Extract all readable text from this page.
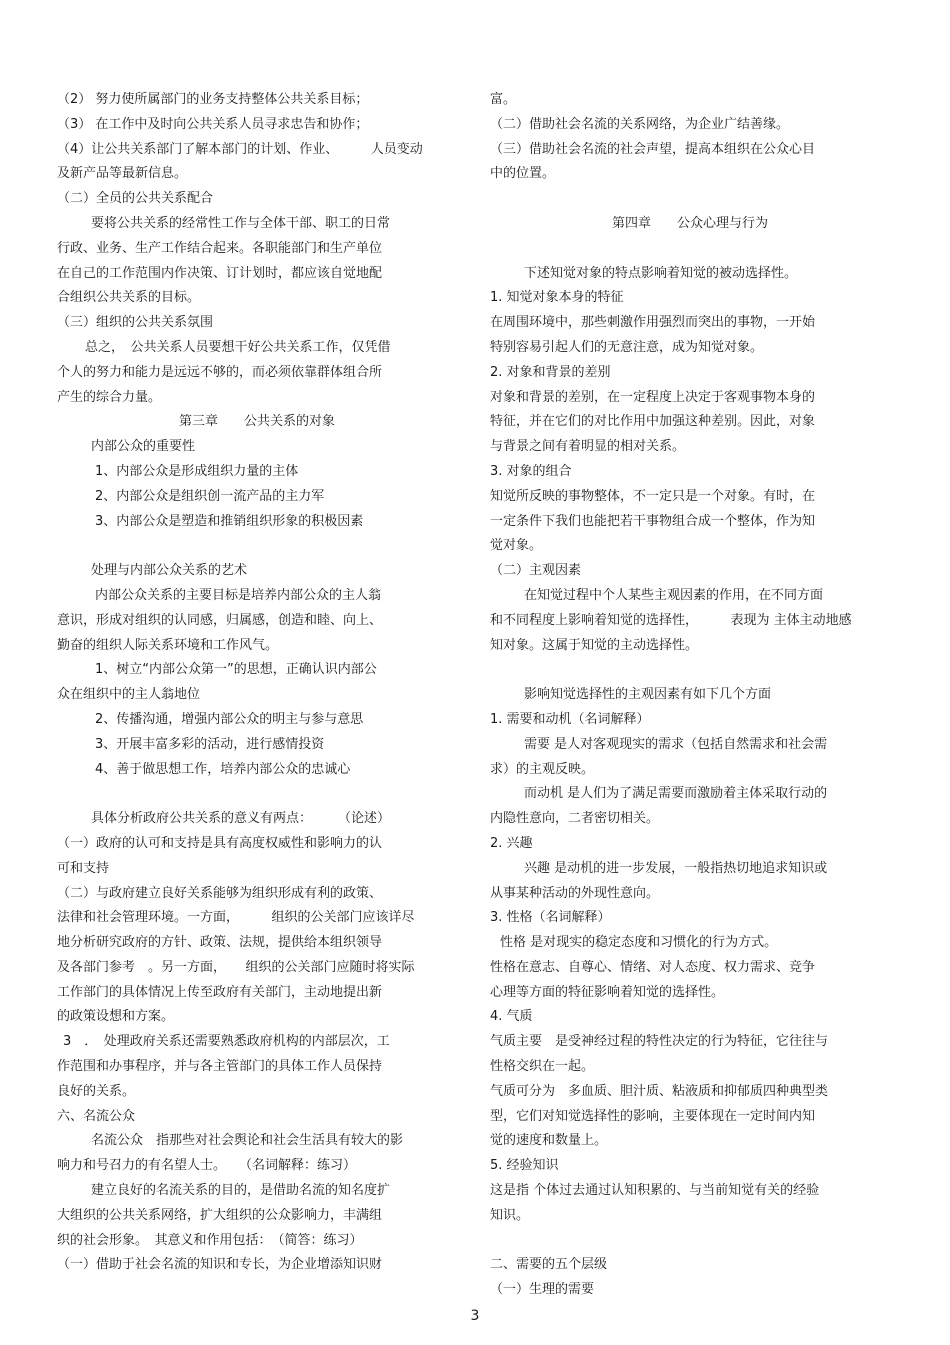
（2） 努力使所属部门的业务支持整体公共关系目标；
（3） 在工作中及时向公共关系人员寻求忠告和协作；
（4）让公共关系部门了解本部门的计划、作业、　　　人员变动
及新产品等最新信息。
（二）全员的公共关系配合
要将公共关系的经常性工作与全体干部、职工的日常
行政、业务、生产工作结合起来。各职能部门和生产单位
在自己的工作范围内作决策、订计划时，都应该自觉地配
合组织公共关系的目标。
（三）组织的公共关系氛围
总之，　公共关系人员要想干好公共关系工作，仅凭借
个人的努力和能力是远远不够的，而必须依靠群体组合所
产生的综合力量。
第三章　　公共关系的对象
内部公众的重要性
1、内部公众是形成组织力量的主体
2、内部公众是组织创一流产品的主力军
3、内部公众是塑造和推销组织形象的积极因素
处理与内部公众关系的艺术
内部公众关系的主要目标是培养内部公众的主人翁
意识，形成对组织的认同感，归属感，创造和睦、向上、
勤奋的组织人际关系环境和工作风气。
1、树立“内部公众第一”的思想，正确认识内部公
众在组织中的主人翁地位
2、传播沟通，增强内部公众的明主与参与意思
3、开展丰富多彩的活动，进行感情投资
4、善于做思想工作，培养内部公众的忠诚心
具体分析政府公共关系的意义有两点：　　　（论述）
（一）政府的认可和支持是具有高度权威性和影响力的认
可和支持
（二）与政府建立良好关系能够为组织形成有利的政策、
法律和社会管理环境。一方面，　　　组织的公关部门应该详尽
地分析研究政府的方针、政策、法规，提供给本组织领导
及各部门参考　。另一方面，　　组织的公关部门应随时将实际
工作部门的具体情况上传至政府有关部门，主动地提出新
的政策设想和方案。
3　．　处理政府关系还需要熟悉政府机构的内部层次，工
作范围和办事程序，并与各主管部门的具体工作人员保持
良好的关系。
六、名流公众
名流公众　指那些对社会舆论和社会生活具有较大的影
响力和号召力的有名望人士。　　（名词解释：练习）
建立良好的名流关系的目的，是借助名流的知名度扩
大组织的公共关系网络，扩大组织的公众影响力，丰满组
织的社会形象。　其意义和作用包括：　（简答：练习）
（一）借助于社会名流的知识和专长，为企业增添知识财
富。
（二）借助社会名流的关系网络，为企业广结善缘。
（三）借助社会名流的社会声望，提高本组织在公众心目
中的位置。
第四章　　公众心理与行为
下述知觉对象的特点影响着知觉的被动选择性。
1. 知觉对象本身的特征
在周围环境中，那些刺激作用强烈而突出的事物，一开始
特别容易引起人们的无意注意，成为知觉对象。
2. 对象和背景的差别
对象和背景的差别，在一定程度上决定于客观事物本身的
特征，并在它们的对比作用中加强这种差别。因此，对象
与背景之间有着明显的相对关系。
3. 对象的组合
知觉所反映的事物整体，不一定只是一个对象。有时，在
一定条件下我们也能把若干事物组合成一个整体，作为知
觉对象。
（二）主观因素
在知觉过程中个人某些主观因素的作用，在不同方面
和不同程度上影响着知觉的选择性，　　　表现为 主体主动地感
知对象。这属于知觉的主动选择性。
影响知觉选择性的主观因素有如下几个方面
1. 需要和动机（名词解释）
需要 是人对客观现实的需求（包括自然需求和社会需
求）的主观反映。
而动机 是人们为了满足需要而激励着主体采取行动的
内隐性意向，二者密切相关。
2. 兴趣
兴趣 是动机的进一步发展，一般指热切地追求知识或
从事某种活动的外现性意向。
3. 性格（名词解释）
性格 是对现实的稳定态度和习惯化的行为方式。
性格在意志、自尊心、情绪、对人态度、权力需求、竞争
心理等方面的特征影响着知觉的选择性。
4. 气质
气质主要　是受神经过程的特性决定的行为特征，它往往与
性格交织在一起。
气质可分为　多血质、胆汁质、粘液质和抑郁质四种典型类
型，它们对知觉选择性的影响，主要体现在一定时间内知
觉的速度和数量上。
5. 经验知识
这是指 个体过去通过认知积累的、与当前知觉有关的经验
知识。
二、需要的五个层级
（一）生理的需要
3
